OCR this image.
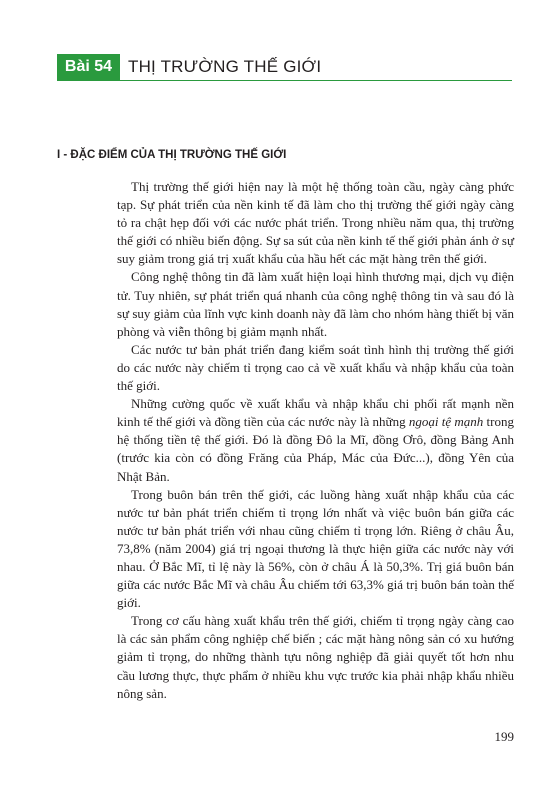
Bài 54 THỊ TRƯỜNG THẾ GIỚI
I - ĐẶC ĐIỂM CỦA THỊ TRƯỜNG THẾ GIỚI

Thị trường thế giới hiện nay là một hệ thống toàn cầu, ngày càng phức tạp. Sự phát triển của nền kinh tế đã làm cho thị trường thế giới ngày càng tỏ ra chật hẹp đối với các nước phát triển. Trong nhiều năm qua, thị trường thế giới có nhiều biến động. Sự sa sút của nền kinh tế thế giới phản ánh ở sự suy giảm trong giá trị xuất khẩu của hầu hết các mặt hàng trên thế giới.

Công nghệ thông tin đã làm xuất hiện loại hình thương mại, dịch vụ điện tử. Tuy nhiên, sự phát triển quá nhanh của công nghệ thông tin và sau đó là sự suy giảm của lĩnh vực kinh doanh này đã làm cho nhóm hàng thiết bị văn phòng và viễn thông bị giảm mạnh nhất.

Các nước tư bản phát triển đang kiểm soát tình hình thị trường thế giới do các nước này chiếm tỉ trọng cao cả về xuất khẩu và nhập khẩu của toàn thế giới.

Những cường quốc về xuất khẩu và nhập khẩu chi phối rất mạnh nền kinh tế thế giới và đồng tiền của các nước này là những ngoại tệ mạnh trong hệ thống tiền tệ thế giới. Đó là đồng Đô la Mĩ, đồng Ơrô, đồng Bảng Anh (trước kia còn có đồng Frăng của Pháp, Mác của Đức...), đồng Yên của Nhật Bản.

Trong buôn bán trên thế giới, các luồng hàng xuất nhập khẩu của các nước tư bản phát triển chiếm tỉ trọng lớn nhất và việc buôn bán giữa các nước tư bản phát triển với nhau cũng chiếm tỉ trọng lớn. Riêng ở châu Âu, 73,8% (năm 2004) giá trị ngoại thương là thực hiện giữa các nước này với nhau. Ở Bắc Mĩ, tỉ lệ này là 56%, còn ở châu Á là 50,3%. Trị giá buôn bán giữa các nước Bắc Mĩ và châu Âu chiếm tới 63,3% giá trị buôn bán toàn thế giới.

Trong cơ cấu hàng xuất khẩu trên thế giới, chiếm tỉ trọng ngày càng cao là các sản phẩm công nghiệp chế biến ; các mặt hàng nông sản có xu hướng giảm tỉ trọng, do những thành tựu nông nghiệp đã giải quyết tốt hơn nhu cầu lương thực, thực phẩm ở nhiều khu vực trước kia phải nhập khẩu nhiều nông sản.

199
